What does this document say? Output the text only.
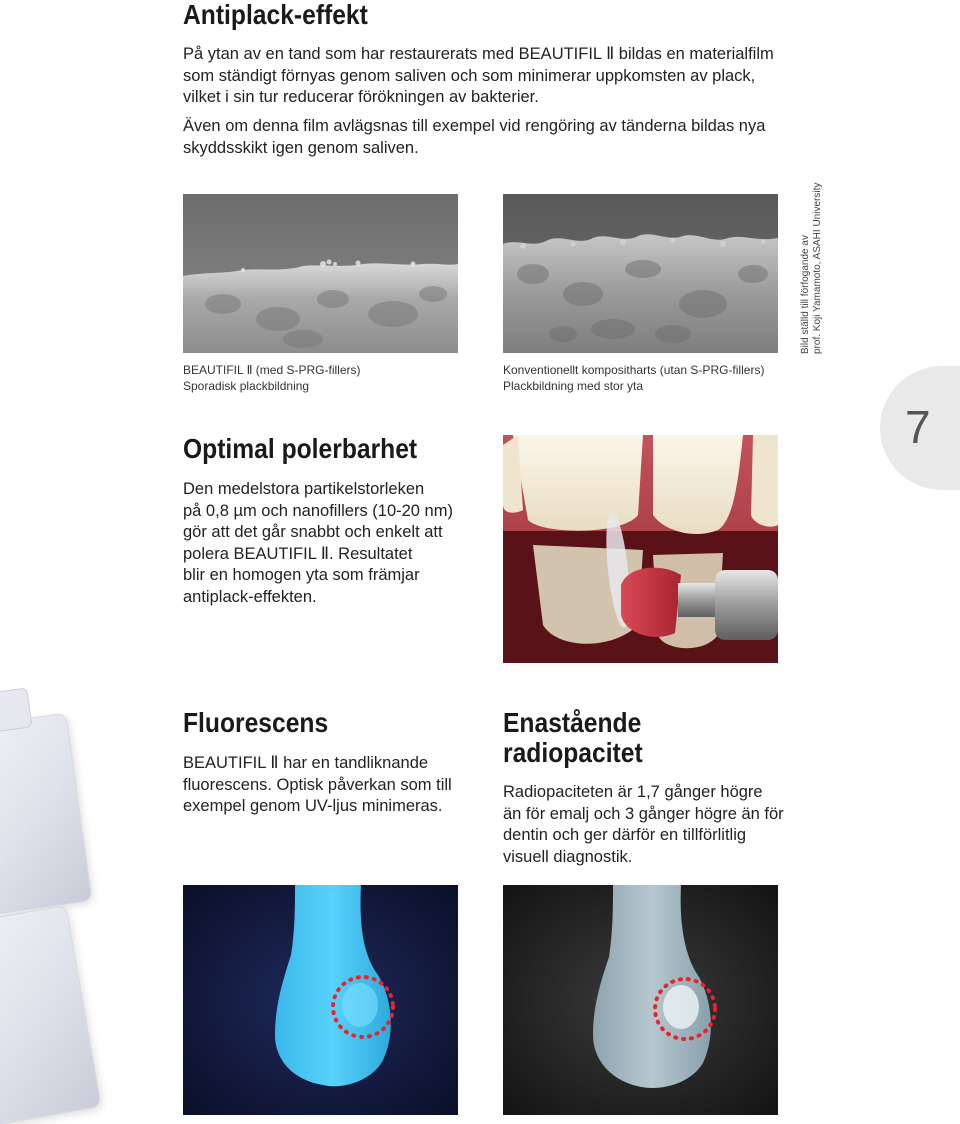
7
Antiplack-effekt
På ytan av en tand som har restaurerats med BEAUTIFIL Ⅱ bildas en materialfilm
som ständigt förnyas genom saliven och som minimerar uppkomsten av plack,
vilket i sin tur reducerar förökningen av bakterier.
Även om denna film avlägsnas till exempel vid rengöring av tänderna bildas nya
skyddsskikt igen genom saliven.
BEAUTIFIL Ⅱ (med S-PRG-fillers)
Sporadisk plackbildning
Konventionellt kompositharts (utan S-PRG-fillers)
Plackbildning med stor yta
Bild ställd till förfogande av prof. Koji Yamamoto, ASAHI University
Optimal polerbarhet
Den medelstora partikelstorleken
på 0,8 µm och nanofillers (10-20 nm)
gör att det går snabbt och enkelt att
polera BEAUTIFIL Ⅱ. Resultatet
blir en homogen yta som främjar
antiplack-effekten.
Fluorescens
BEAUTIFIL Ⅱ har en tandliknande
fluorescens. Optisk påverkan som till
exempel genom UV-ljus minimeras.
Enastående
radiopacitet
Radiopaciteten är 1,7 gånger högre
än för emalj och 3 gånger högre än för
dentin och ger därför en tillförlitlig
visuell diagnostik.
